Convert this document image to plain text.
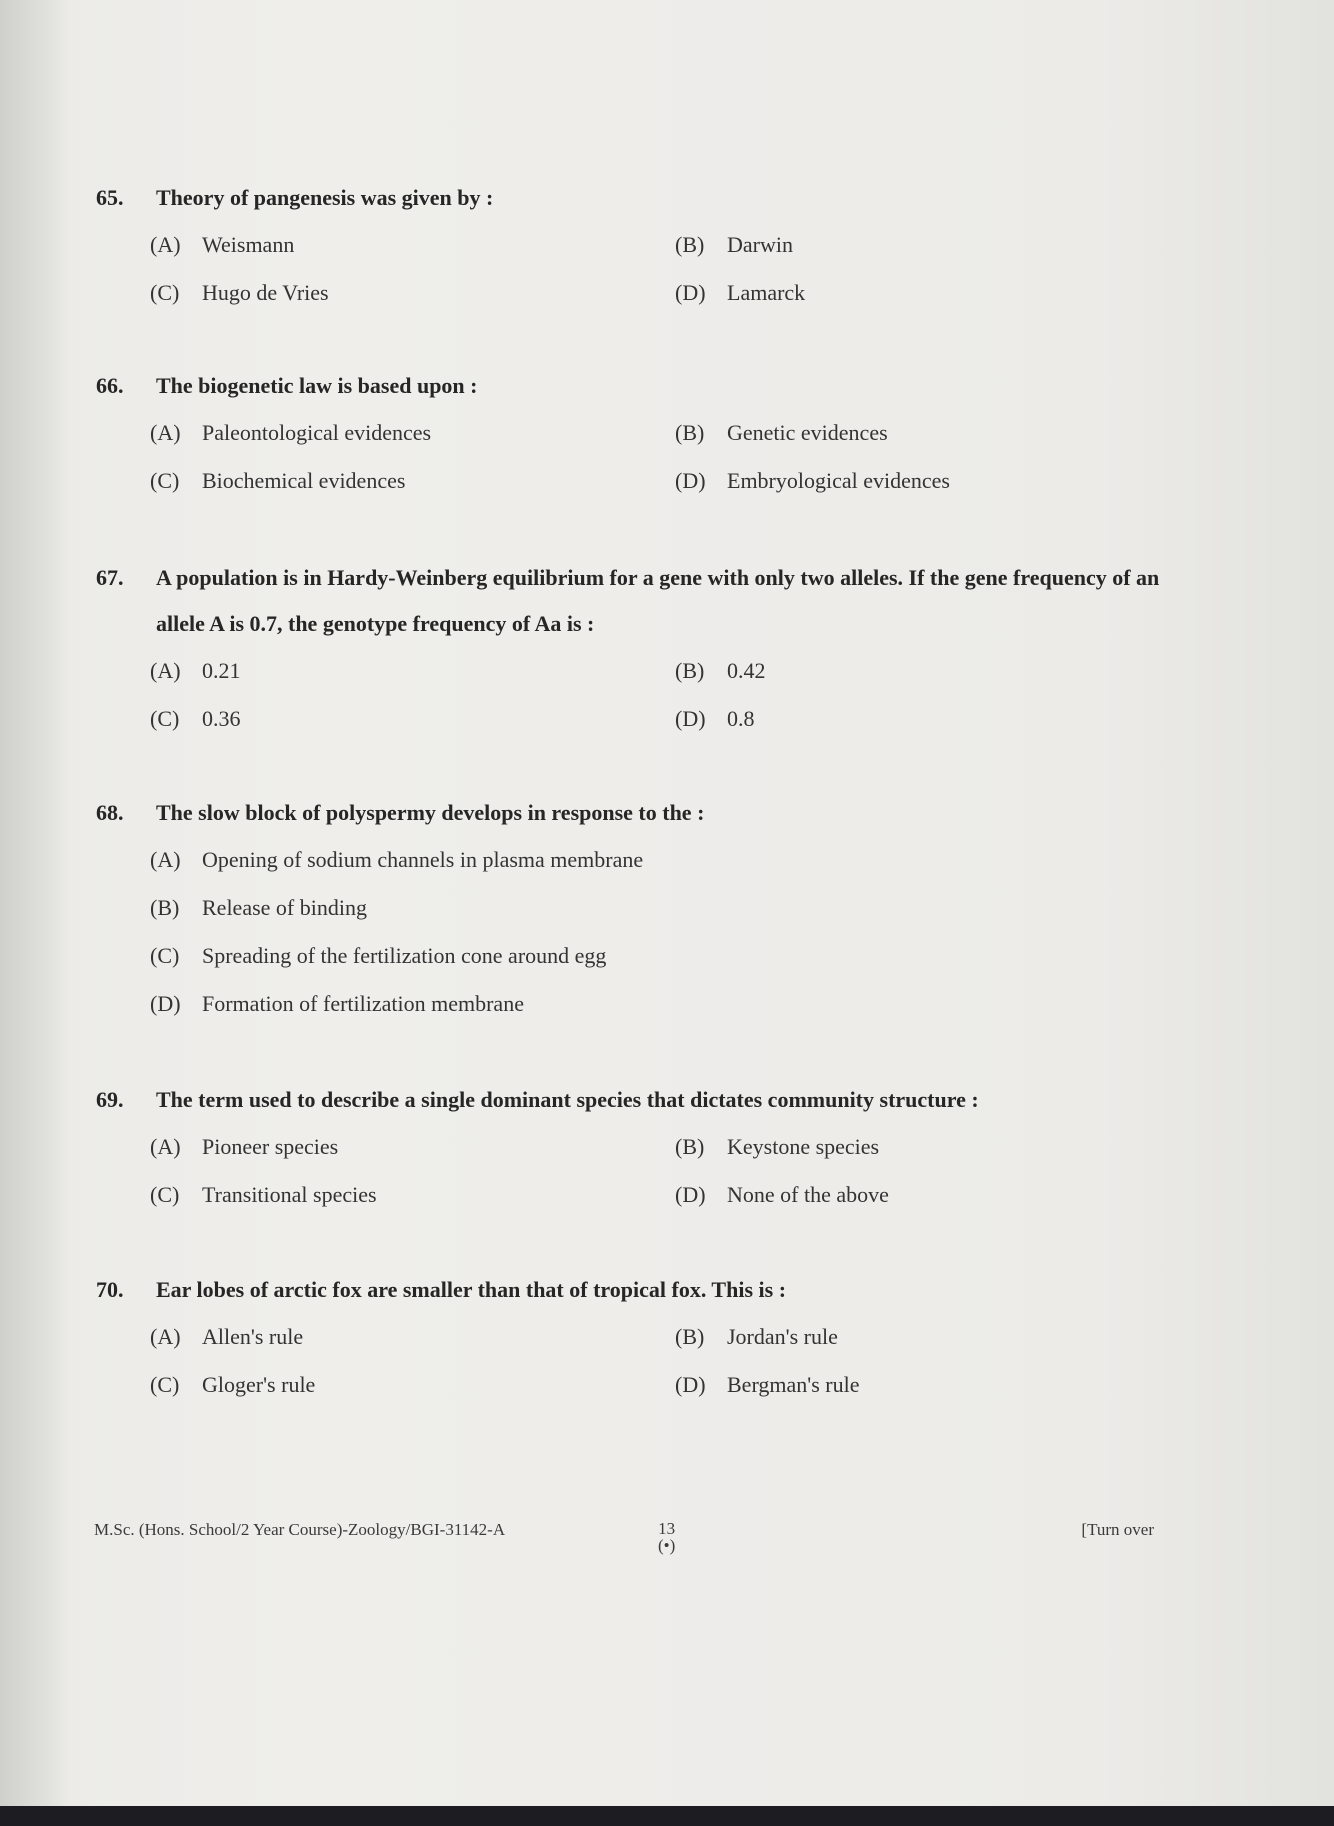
65.	Theory of pangenesis was given by :
(A) Weismann	(B)	Darwin
(C)	Hugo de Vries	(D) Lamarck
66.	The biogenetic law is based upon :
(A) Paleontological evidences	(B)	Genetic evidences
(C)	Biochemical evidences	(D) Embryological evidences
67.	A population is in Hardy-Weinberg equilibrium for a gene with only two alleles. If the gene frequency of an allele A is 0.7, the genotype frequency of Aa is :
(A) 0.21	(B)	0.42
(C)	0.36	(D) 0.8
68.	The slow block of polyspermy develops in response to the :
(A) Opening of sodium channels in plasma membrane
(B)	Release of binding
(C)	Spreading of the fertilization cone around egg
(D) Formation of fertilization membrane
69.	The term used to describe a single dominant species that dictates community structure :
(A) Pioneer species	(B)	Keystone species
(C)	Transitional species	(D) None of the above
70.	Ear lobes of arctic fox are smaller than that of tropical fox. This is :
(A) Allen's rule	(B)	Jordan's rule
(C)	Gloger's rule	(D) Bergman's rule
M.Sc. (Hons. School/2 Year Course)-Zoology/BGI-31142-A	13
(•)
[Turn over
